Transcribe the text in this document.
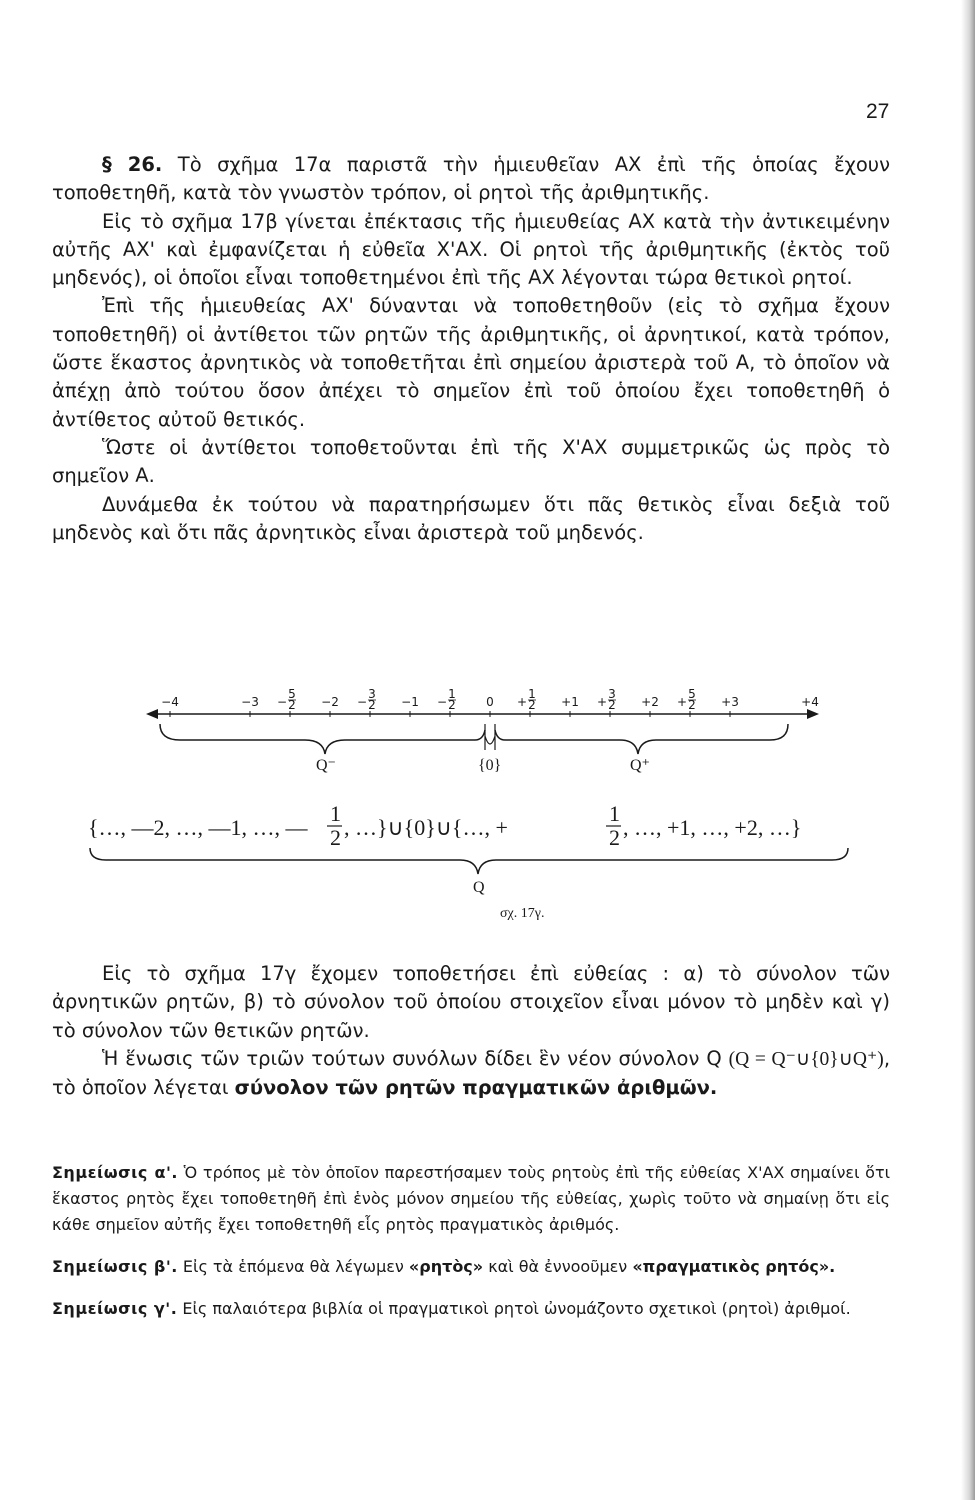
27

§ 26. Τὸ σχῆμα 17α παριστᾶ τὴν ἡμιευθεῖαν ΑΧ ἐπὶ τῆς ὁποίας ἔχουν τοποθετηθῆ, κατὰ τὸν γνωστὸν τρόπον, οἱ ρητοὶ τῆς ἀριθμητικῆς.

Εἰς τὸ σχῆμα 17β γίνεται ἐπέκτασις τῆς ἡμιευθείας ΑΧ κατὰ τὴν ἀντικειμένην αὐτῆς ΑΧ' καὶ ἐμφανίζεται ἡ εὐθεῖα Χ'ΑΧ. Οἱ ρητοὶ τῆς ἀριθμητικῆς (ἐκτὸς τοῦ μηδενός), οἱ ὁποῖοι εἶναι τοποθετημένοι ἐπὶ τῆς ΑΧ λέγονται τώρα θετικοὶ ρητοί.

Ἐπὶ τῆς ἡμιευθείας ΑΧ' δύνανται νὰ τοποθετηθοῦν (εἰς τὸ σχῆμα ἔχουν τοποθετηθῆ) οἱ ἀντίθετοι τῶν ρητῶν τῆς ἀριθμητικῆς, οἱ ἀρνητικοί, κατὰ τρόπον, ὥστε ἕκαστος ἀρνητικὸς νὰ τοποθετῆται ἐπὶ σημείου ἀριστερὰ τοῦ Α, τὸ ὁποῖον νὰ ἀπέχῃ ἀπὸ τούτου ὅσον ἀπέχει τὸ σημεῖον ἐπὶ τοῦ ὁποίου ἔχει τοποθετηθῆ ὁ ἀντίθετος αὐτοῦ θετικός.

Ὥστε οἱ ἀντίθετοι τοποθετοῦνται ἐπὶ τῆς Χ'ΑΧ συμμετρικῶς ὡς πρὸς τὸ σημεῖον Α.

Δυνάμεθα ἐκ τούτου νὰ παρατηρήσωμεν ὅτι πᾶς θετικὸς εἶναι δεξιὰ τοῦ μηδενὸς καὶ ὅτι πᾶς ἀρνητικὸς εἶναι ἀριστερὰ τοῦ μηδενός.

−4	−3 −
5
2 −2 −
3
2 −1 −
1
2	0 +
1
2 +1 +
3
2 +2 +
5
2 +3	+4
Q⁻	{0}	Q⁺
{…, —2, …, —1, …, —
1
2 , …}∪{0}∪{…, +
1
2 , …, +1, …, +2, …}
Q
σχ. 17γ.

Εἰς τὸ σχῆμα 17γ ἔχομεν τοποθετήσει ἐπὶ εὐθείας : α) τὸ σύνολον τῶν ἀρνητικῶν ρητῶν, β) τὸ σύνολον τοῦ ὁποίου στοιχεῖον εἶναι μόνον τὸ μηδὲν καὶ γ) τὸ σύνολον τῶν θετικῶν ρητῶν.

Ἡ ἕνωσις τῶν τριῶν τούτων συνόλων δίδει ἓν νέον σύνολον Q (Q = Q⁻∪{0}∪Q⁺), τὸ ὁποῖον λέγεται σύνολον τῶν ρητῶν πραγματικῶν ἀριθμῶν.

Σημείωσις α'. Ὁ τρόπος μὲ τὸν ὁποῖον παρεστήσαμεν τοὺς ρητοὺς ἐπὶ τῆς εὐθείας Χ'ΑΧ σημαίνει ὅτι ἕκαστος ρητὸς ἔχει τοποθετηθῆ ἐπὶ ἑνὸς μόνον σημείου τῆς εὐθείας, χωρὶς τοῦτο νὰ σημαίνῃ ὅτι εἰς κάθε σημεῖον αὐτῆς ἔχει τοποθετηθῆ εἷς ρητὸς πραγματικὸς ἀριθμός.

Σημείωσις β'. Εἰς τὰ ἑπόμενα θὰ λέγωμεν «ρητὸς» καὶ θὰ ἐννοοῦμεν «πραγματικὸς ρητός».

Σημείωσις γ'. Εἰς παλαιότερα βιβλία οἱ πραγματικοὶ ρητοὶ ὠνομάζοντο σχετικοὶ (ρητοὶ) ἀριθμοί.
